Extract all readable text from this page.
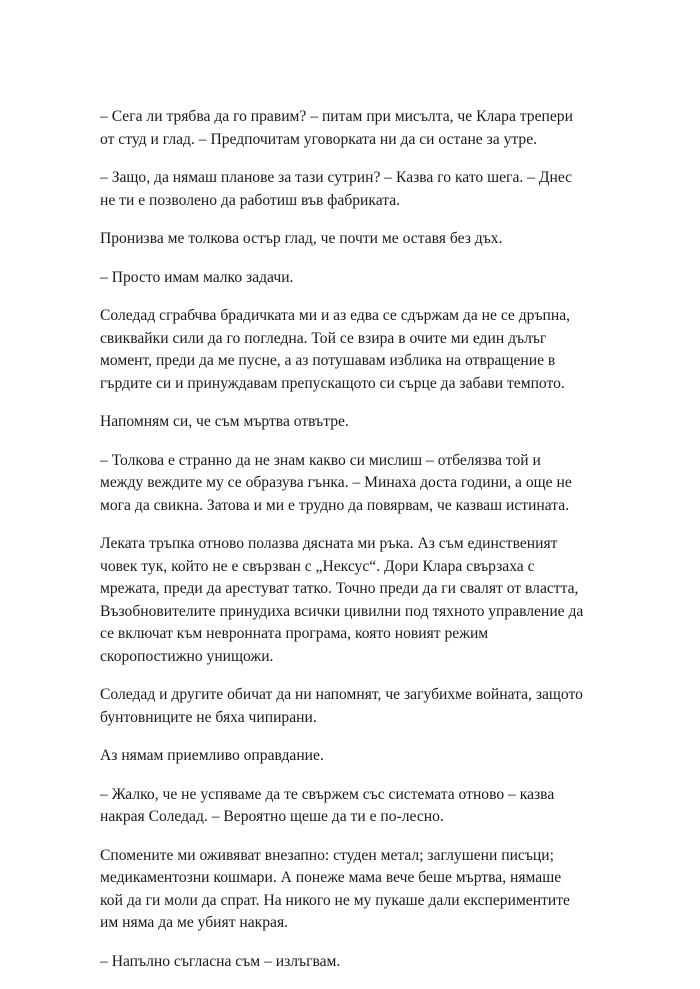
– Сега ли трябва да го правим? – питам при мисълта, че Клара трепери
от студ и глад. – Предпочитам уговорката ни да си остане за утре.

– Защо, да нямаш планове за тази сутрин? – Казва го като шега. – Днес
не ти е позволено да работиш във фабриката.

Пронизва ме толкова остър глад, че почти ме оставя без дъх.

– Просто имам малко задачи.

Соледад сграбчва брадичката ми и аз едва се сдържам да не се дръпна,
свиквайки сили да го погледна. Той се взира в очите ми един дълъг
момент, преди да ме пусне, а аз потушавам изблика на отвращение в
гърдите си и принуждавам препускащото си сърце да забави темпото.

Напомням си, че съм мъртва отвътре.

– Толкова е странно да не знам какво си мислиш – отбелязва той и
между веждите му се образува гънка. – Минаха доста години, а още не
мога да свикна. Затова и ми е трудно да повярвам, че казваш истината.

Леката тръпка отново полазва дясната ми ръка. Аз съм единственият
човек тук, който не е свързван с „Нексус“. Дори Клара свързаха с
мрежата, преди да арестуват татко. Точно преди да ги свалят от властта,
Възобновителите принудиха всички цивилни под тяхното управление да
се включат към невронната програма, която новият режим
скоропостижно унищожи.

Соледад и другите обичат да ни напомнят, че загубихме войната, защото
бунтовниците не бяха чипирани.

Аз нямам приемливо оправдание.

– Жалко, че не успяваме да те свържем със системата отново – казва
накрая Соледад. – Вероятно щеше да ти е по-лесно.

Спомените ми оживяват внезапно: студен метал; заглушени писъци;
медикаментозни кошмари. А понеже мама вече беше мъртва, нямаше
кой да ги моли да спрат. На никого не му пукаше дали експериментите
им няма да ме убият накрая.

– Напълно съгласна съм – излъгвам.
